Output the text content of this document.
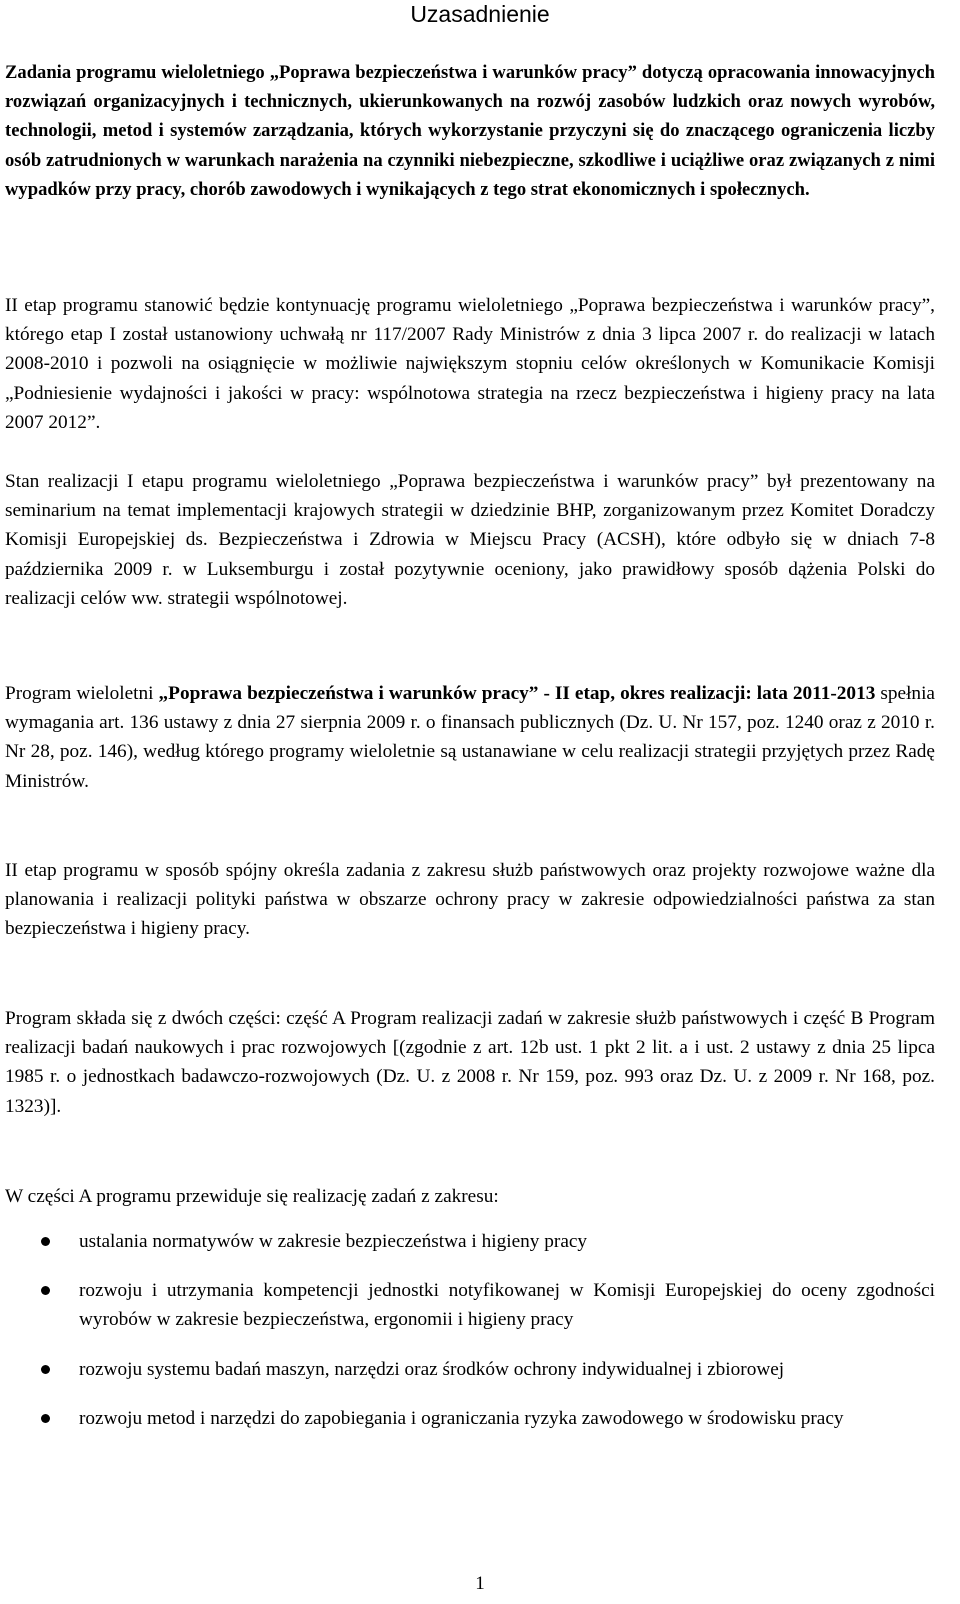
Uzasadnienie

Zadania programu wieloletniego „Poprawa bezpieczeństwa i warunków pracy” dotyczą opracowania innowacyjnych rozwiązań organizacyjnych i technicznych, ukierunkowanych na rozwój zasobów ludzkich oraz nowych wyrobów, technologii, metod i systemów zarządzania, których wykorzystanie przyczyni się do znaczącego ograniczenia liczby osób zatrudnionych w warunkach narażenia na czynniki niebezpieczne, szkodliwe i uciążliwe oraz związanych z nimi wypadków przy pracy, chorób zawodowych i wynikających z tego strat ekonomicznych i społecznych.

II etap programu stanowić będzie kontynuację programu wieloletniego „Poprawa bezpieczeństwa i warunków pracy”, którego etap I został ustanowiony uchwałą nr 117/2007 Rady Ministrów z dnia 3 lipca 2007 r. do realizacji w latach 2008-2010 i pozwoli na osiągnięcie w możliwie największym stopniu celów określonych w Komunikacie Komisji „Podniesienie wydajności i jakości w pracy: wspólnotowa strategia na rzecz bezpieczeństwa i higieny pracy na lata 2007 2012”.

Stan realizacji I etapu programu wieloletniego „Poprawa bezpieczeństwa i warunków pracy” był prezentowany na seminarium na temat implementacji krajowych strategii w dziedzinie BHP, zorganizowanym przez Komitet Doradczy Komisji Europejskiej ds. Bezpieczeństwa i Zdrowia w Miejscu Pracy (ACSH), które odbyło się w dniach 7-8 października 2009 r. w Luksemburgu i został pozytywnie oceniony, jako prawidłowy sposób dążenia Polski do realizacji celów ww. strategii wspólnotowej.

Program wieloletni „Poprawa bezpieczeństwa i warunków pracy” - II etap, okres realizacji: lata 2011-2013 spełnia wymagania art. 136 ustawy z dnia 27 sierpnia 2009 r. o finansach publicznych (Dz. U. Nr 157, poz. 1240 oraz z 2010 r. Nr 28, poz. 146), według którego programy wieloletnie są ustanawiane w celu realizacji strategii przyjętych przez Radę Ministrów.

II etap programu w sposób spójny określa zadania z zakresu służb państwowych oraz projekty rozwojowe ważne dla planowania i realizacji polityki państwa w obszarze ochrony pracy w zakresie odpowiedzialności państwa za stan bezpieczeństwa i higieny pracy.

Program składa się z dwóch części: część A Program realizacji zadań w zakresie służb państwowych i część B Program realizacji badań naukowych i prac rozwojowych [(zgodnie z art. 12b ust. 1 pkt 2 lit. a i ust. 2 ustawy z dnia 25 lipca 1985 r. o jednostkach badawczo-rozwojowych (Dz. U. z 2008 r. Nr 159, poz. 993 oraz Dz. U. z 2009 r. Nr 168, poz. 1323)].

W części A programu przewiduje się realizację zadań z zakresu:

ustalania normatywów w zakresie bezpieczeństwa i higieny pracy
rozwoju i utrzymania kompetencji jednostki notyfikowanej w Komisji Europejskiej do oceny zgodności wyrobów w zakresie bezpieczeństwa, ergonomii i higieny pracy
rozwoju systemu badań maszyn, narzędzi oraz środków ochrony indywidualnej i zbiorowej
rozwoju metod i narzędzi do zapobiegania i ograniczania ryzyka zawodowego w środowisku pracy
1
